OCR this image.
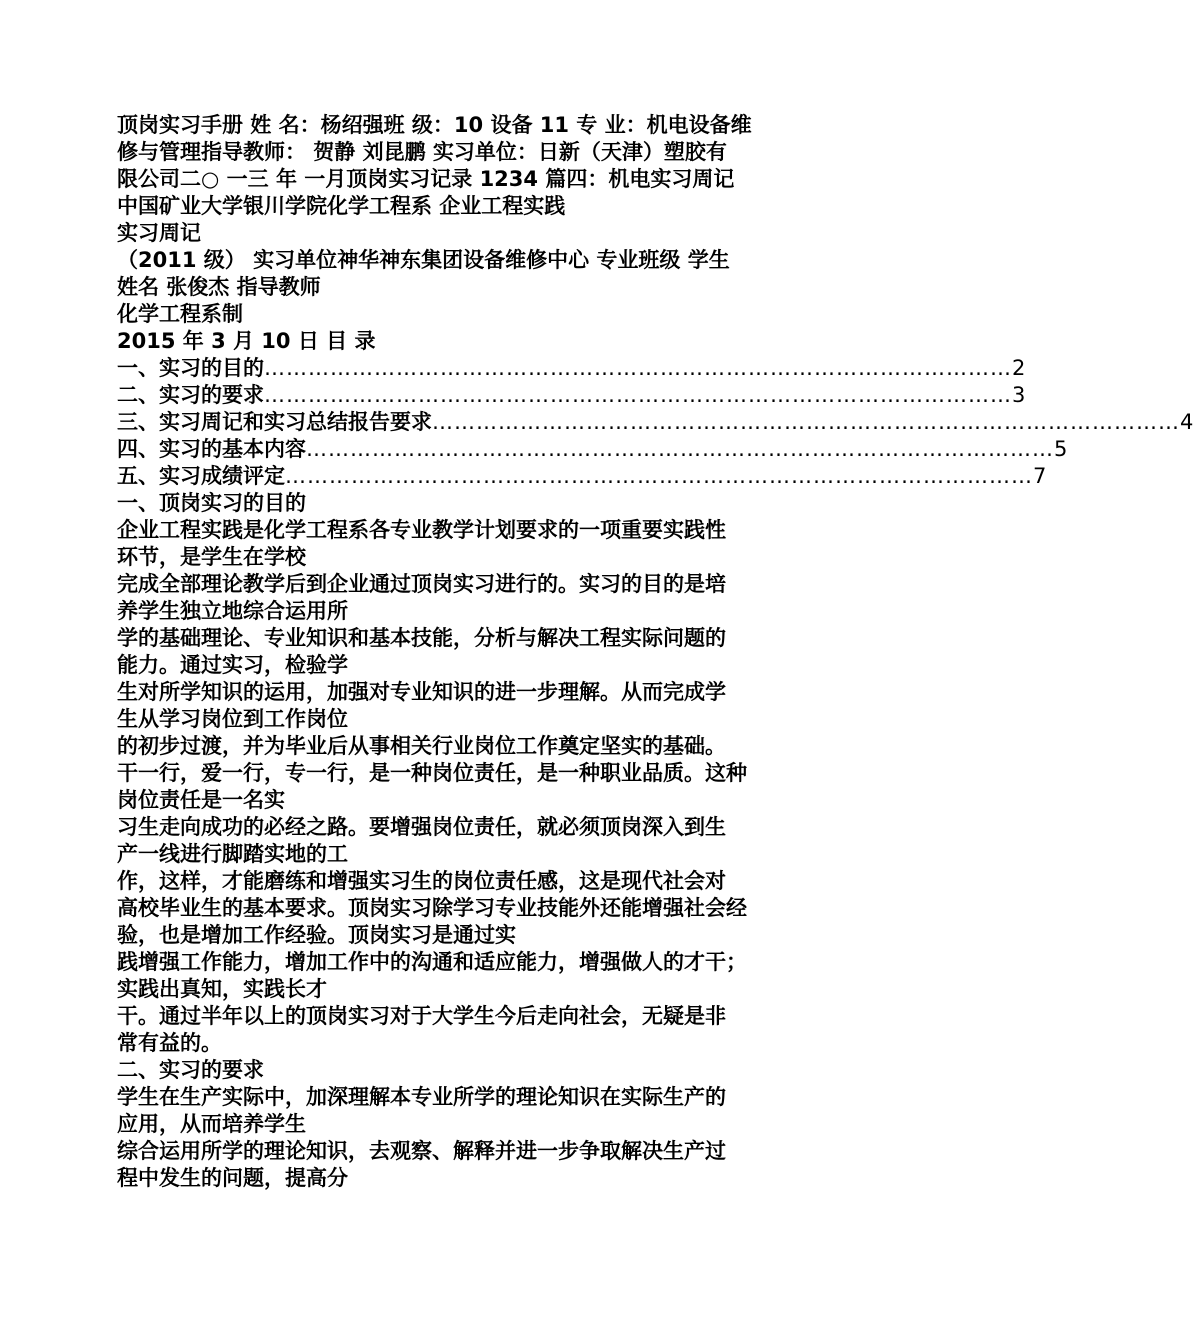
顶岗实习手册 姓 名：杨绍强班 级：10 设备 11 专 业：机电设备维
修与管理指导教师： 贺静 刘昆鹏 实习单位：日新（天津）塑胶有
限公司二○ 一三 年 一月顶岗实习记录 1234 篇四：机电实习周记
中国矿业大学银川学院化学工程系 企业工程实践
实习周记
（2011 级） 实习单位神华神东集团设备维修中心 专业班级 学生
姓名 张俊杰 指导教师
化学工程系制
2015 年 3 月 10 日 目 录
一、实习的目的 ………………………………………………………………………………………… 2
二、实习的要求 ………………………………………………………………………………………… 3
三、实习周记和实习总结报告要求 ………………………………………………………………………………………… 4
四、实习的基本内容 ………………………………………………………………………………………… 5
五、实习成绩评定 ………………………………………………………………………………………… 7
一、顶岗实习的目的
企业工程实践是化学工程系各专业教学计划要求的一项重要实践性
环节，是学生在学校
完成全部理论教学后到企业通过顶岗实习进行的。实习的目的是培
养学生独立地综合运用所
学的基础理论、专业知识和基本技能，分析与解决工程实际问题的
能力。通过实习，检验学
生对所学知识的运用，加强对专业知识的进一步理解。从而完成学
生从学习岗位到工作岗位
的初步过渡，并为毕业后从事相关行业岗位工作奠定坚实的基础。
干一行，爱一行，专一行，是一种岗位责任，是一种职业品质。这种
岗位责任是一名实
习生走向成功的必经之路。要增强岗位责任，就必须顶岗深入到生
产一线进行脚踏实地的工
作，这样，才能磨练和增强实习生的岗位责任感，这是现代社会对
高校毕业生的基本要求。顶岗实习除学习专业技能外还能增强社会经
验，也是增加工作经验。顶岗实习是通过实
践增强工作能力，增加工作中的沟通和适应能力，增强做人的才干；
实践出真知，实践长才
干。通过半年以上的顶岗实习对于大学生今后走向社会，无疑是非
常有益的。
二、实习的要求
学生在生产实际中，加深理解本专业所学的理论知识在实际生产的
应用，从而培养学生
综合运用所学的理论知识，去观察、解释并进一步争取解决生产过
程中发生的问题，提高分
